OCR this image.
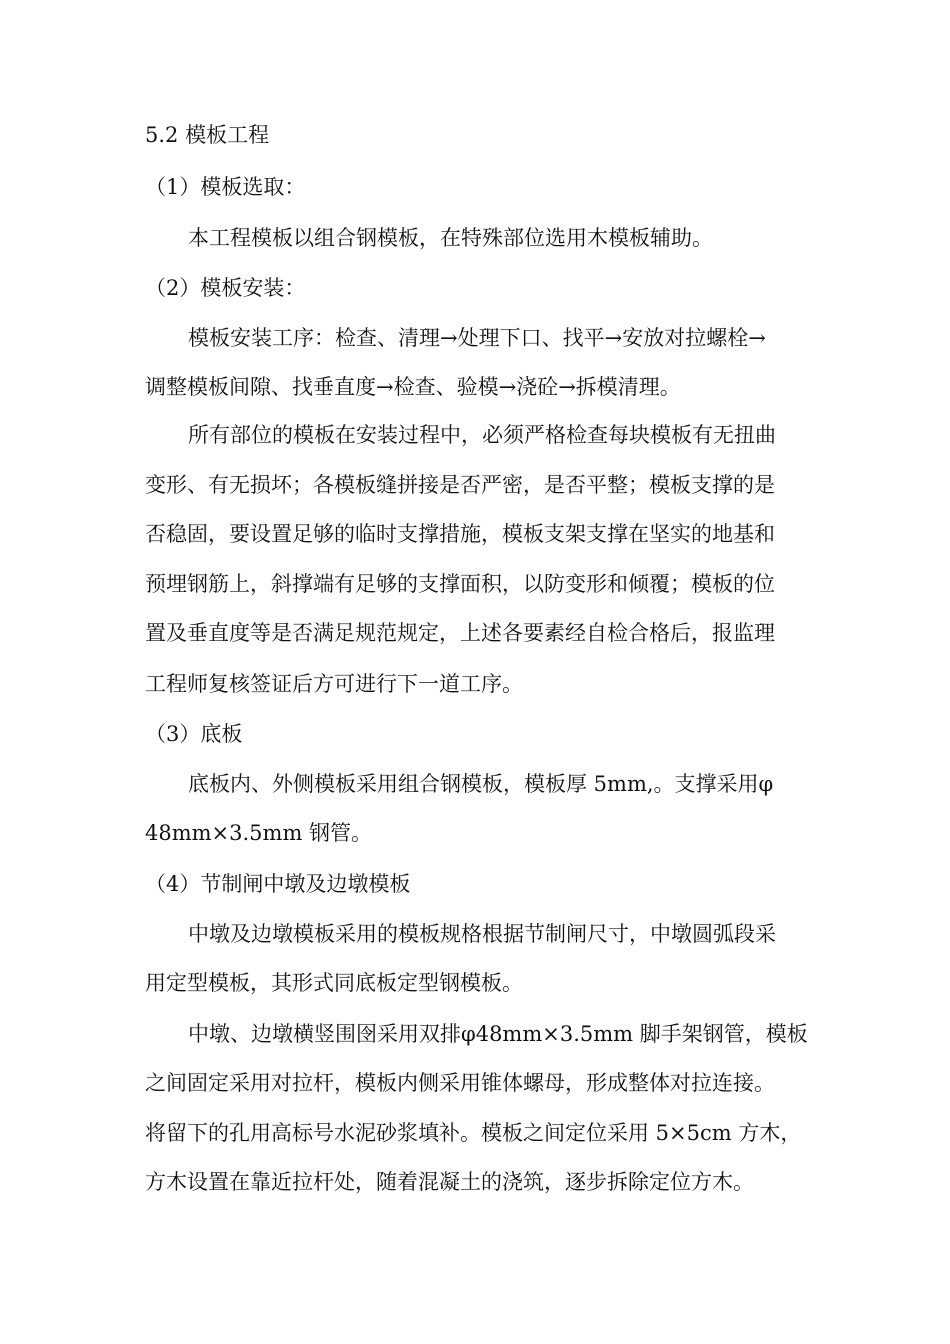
5.2 模板工程
（1）模板选取：
本工程模板以组合钢模板，在特殊部位选用木模板辅助。
（2）模板安装：
模板安装工序：检查、清理→处理下口、找平→安放对拉螺栓→
调整模板间隙、找垂直度→检查、验模→浇砼→拆模清理。
所有部位的模板在安装过程中，必须严格检查每块模板有无扭曲
变形、有无损坏；各模板缝拼接是否严密，是否平整；模板支撑的是
否稳固，要设置足够的临时支撑措施，模板支架支撑在坚实的地基和
预埋钢筋上，斜撑端有足够的支撑面积，以防变形和倾覆；模板的位
置及垂直度等是否满足规范规定，上述各要素经自检合格后，报监理
工程师复核签证后方可进行下一道工序。
（3）底板
底板内、外侧模板采用组合钢模板，模板厚 5mm,。支撑采用φ
48mm×3.5mm 钢管。
（4）节制闸中墩及边墩模板
中墩及边墩模板采用的模板规格根据节制闸尺寸，中墩圆弧段采
用定型模板，其形式同底板定型钢模板。
中墩、边墩横竖围囹采用双排φ48mm×3.5mm 脚手架钢管，模板
之间固定采用对拉杆，模板内侧采用锥体螺母，形成整体对拉连接。
将留下的孔用高标号水泥砂浆填补。模板之间定位采用 5×5cm 方木，
方木设置在靠近拉杆处，随着混凝土的浇筑，逐步拆除定位方木。
